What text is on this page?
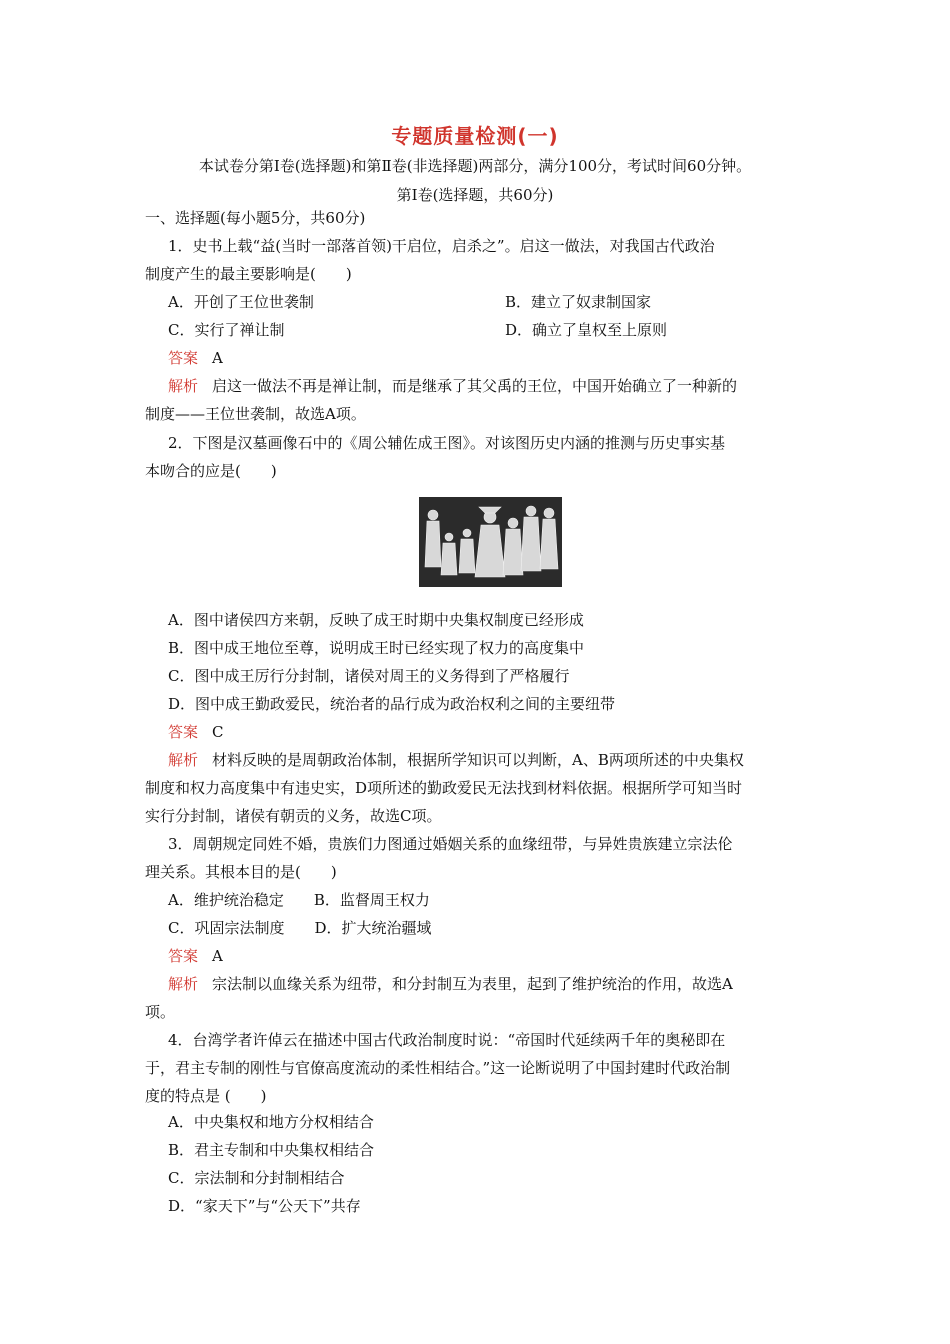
专题质量检测(一)
本试卷分第Ⅰ卷(选择题)和第Ⅱ卷(非选择题)两部分，满分100分，考试时间60分钟。
第Ⅰ卷(选择题，共60分)
一、选择题(每小题5分，共60分)
1．史书上载“益(当时一部落首领)干启位，启杀之”。启这一做法，对我国古代政治
制度产生的最主要影响是(　　)
A．开创了王位世袭制	B．建立了奴隶制国家
C．实行了禅让制	D．确立了皇权至上原则
答案 A
解析 启这一做法不再是禅让制，而是继承了其父禹的王位，中国开始确立了一种新的
制度——王位世袭制，故选A项。
2．下图是汉墓画像石中的《周公辅佐成王图》。对该图历史内涵的推测与历史事实基
本吻合的应是(　　)
A．图中诸侯四方来朝，反映了成王时期中央集权制度已经形成
B．图中成王地位至尊，说明成王时已经实现了权力的高度集中
C．图中成王厉行分封制，诸侯对周王的义务得到了严格履行
D．图中成王勤政爱民，统治者的品行成为政治权利之间的主要纽带
答案 C
解析 材料反映的是周朝政治体制，根据所学知识可以判断，A、B两项所述的中央集权
制度和权力高度集中有违史实，D项所述的勤政爱民无法找到材料依据。根据所学可知当时
实行分封制，诸侯有朝贡的义务，故选C项。
3．周朝规定同姓不婚，贵族们力图通过婚姻关系的血缘纽带，与异姓贵族建立宗法伦
理关系。其根本目的是(　　)
A．维护统治稳定　　B．监督周王权力
C．巩固宗法制度　　D．扩大统治疆域
答案 A
解析 宗法制以血缘关系为纽带，和分封制互为表里，起到了维护统治的作用，故选A
项。
4．台湾学者许倬云在描述中国古代政治制度时说：“帝国时代延续两千年的奥秘即在
于，君主专制的刚性与官僚高度流动的柔性相结合。”这一论断说明了中国封建时代政治制
度的特点是 (　　)
A．中央集权和地方分权相结合
B．君主专制和中央集权相结合
C．宗法制和分封制相结合
D．“家天下”与“公天下”共存
